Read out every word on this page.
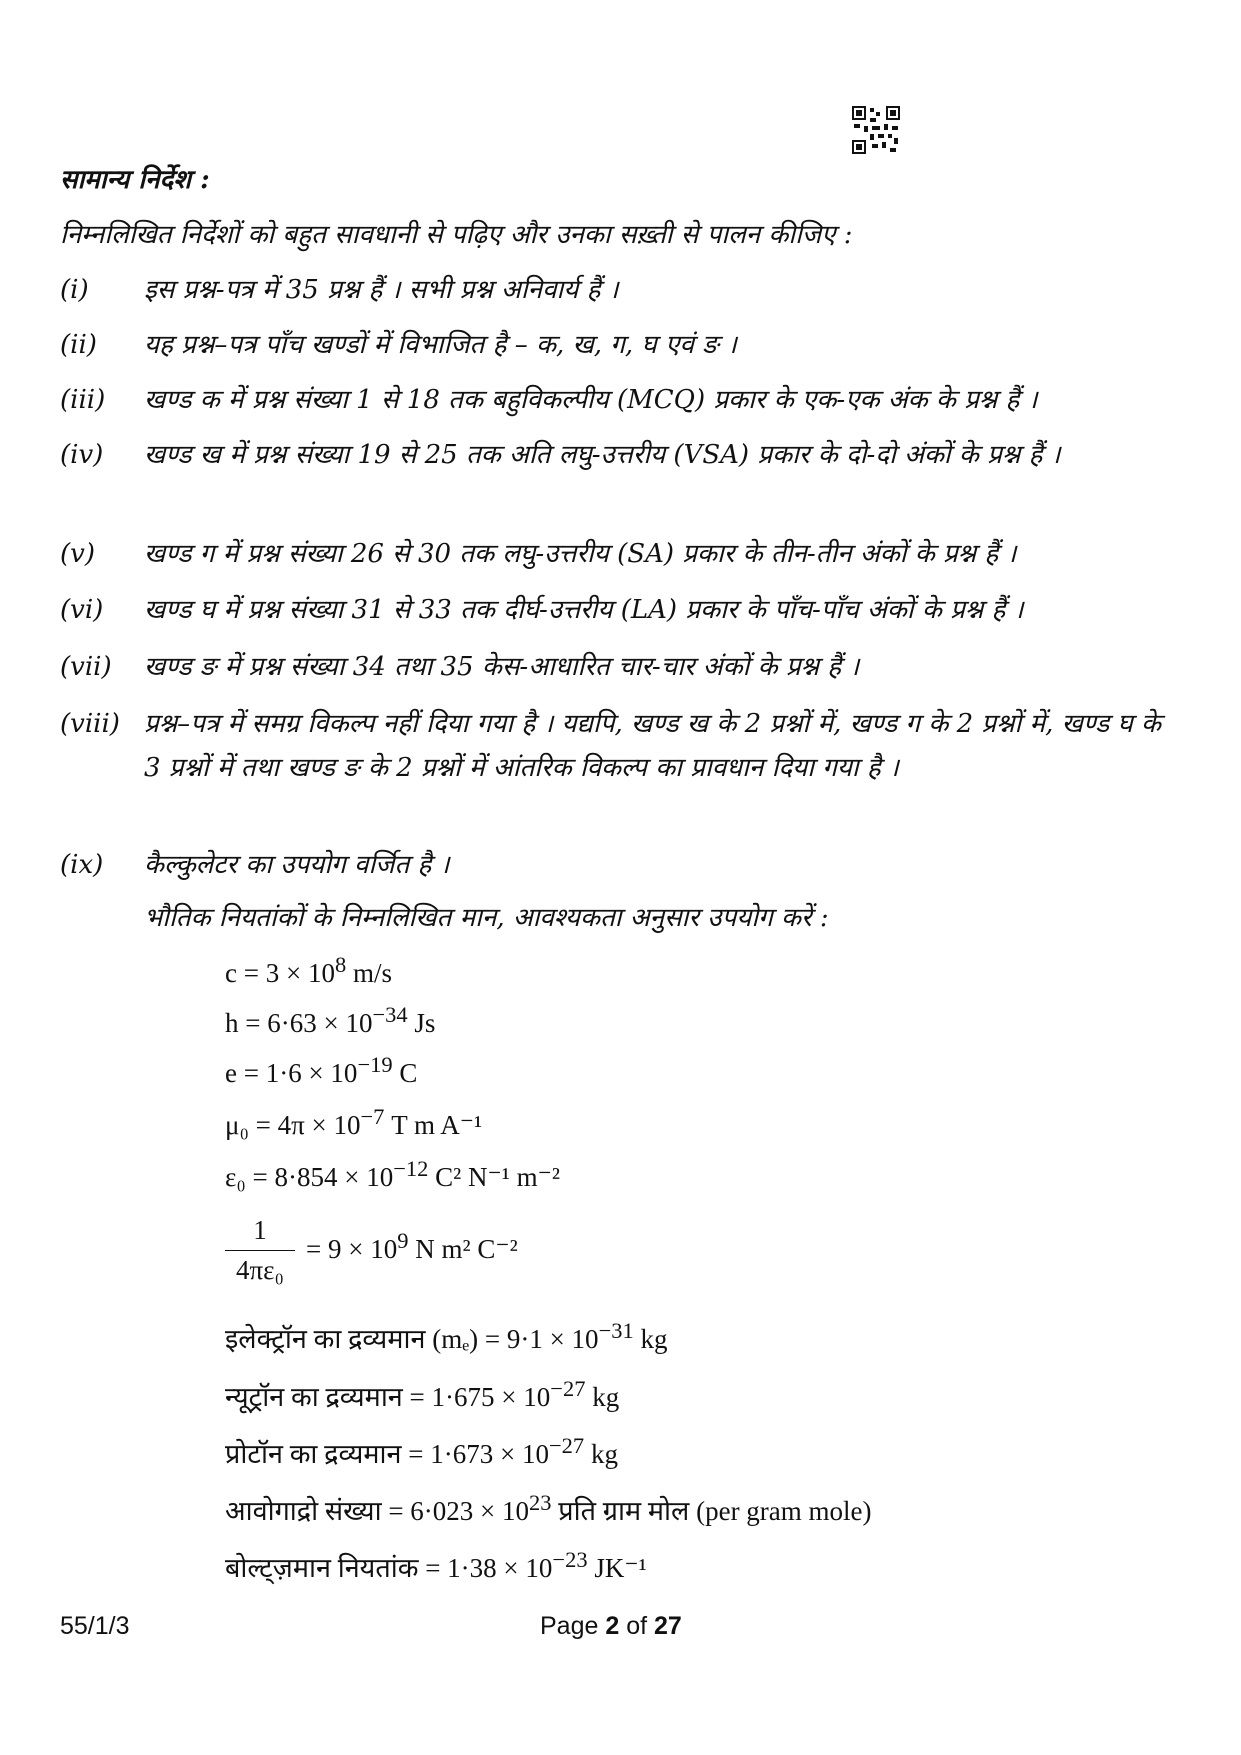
सामान्य निर्देश :
निम्नलिखित निर्देशों को बहुत सावधानी से पढ़िए और उनका सख़्ती से पालन कीजिए :
(i)	इस प्रश्न-पत्र में 35 प्रश्न हैं । सभी प्रश्न अनिवार्य हैं ।
(ii)	यह प्रश्न–पत्र पाँच खण्डों में विभाजित है – क, ख, ग, घ एवं ङ ।
(iii)	खण्ड क में प्रश्न संख्या 1 से 18 तक बहुविकल्पीय (MCQ) प्रकार के एक-एक अंक के प्रश्न हैं ।
(iv)	खण्ड ख में प्रश्न संख्या 19 से 25 तक अति लघु-उत्तरीय (VSA) प्रकार के दो-दो अंकों के प्रश्न हैं ।
(v)	खण्ड ग में प्रश्न संख्या 26 से 30 तक लघु-उत्तरीय (SA) प्रकार के तीन-तीन अंकों के प्रश्न हैं ।
(vi)	खण्ड घ में प्रश्न संख्या 31 से 33 तक दीर्घ-उत्तरीय (LA) प्रकार के पाँच-पाँच अंकों के प्रश्न हैं ।
(vii)	खण्ड ङ में प्रश्न संख्या 34 तथा 35 केस-आधारित चार-चार अंकों के प्रश्न हैं ।
(viii) प्रश्न–पत्र में समग्र विकल्प नहीं दिया गया है । यद्यपि, खण्ड ख के 2 प्रश्नों में, खण्ड ग के 2 प्रश्नों में, खण्ड घ के 3 प्रश्नों में तथा खण्ड ङ के 2 प्रश्नों में आंतरिक विकल्प का प्रावधान दिया गया है ।
(ix)	कैल्कुलेटर का उपयोग वर्जित है ।
भौतिक नियतांकों के निम्नलिखित मान, आवश्यकता अनुसार उपयोग करें :
$c = 3 \times 10^8$ m/s
$h = 6\cdot 63 \times 10^{-34}$ Js
$e = 1\cdot 6 \times 10^{-19}$ C
$\mu_0 = 4\pi \times 10^{-7}$ T m A⁻¹
$\varepsilon_0 = 8\cdot 854 \times 10^{-12}$ C² N⁻¹ m⁻²
$\frac{1}{\text{4πε₀}} = 9 \times 10^9$ N m² C⁻²
इलेक्ट्रॉन का द्रव्यमान $(m_e) = 9\cdot 1 \times 10^{-31}$ kg
न्यूट्रॉन का द्रव्यमान = $1\cdot 675 \times 10^{-27}$ kg
प्रोटॉन का द्रव्यमान = $1\cdot 673 \times 10^{-27}$ kg
आवोगाद्रो संख्या = $6\cdot 023 \times 10^{23}$ प्रति ग्राम मोल (per gram mole)
बोल्ट्ज़मान नियतांक = $1\cdot 38 \times 10^{-23}$ JK⁻¹
55/1/3	Page 2 of 27
